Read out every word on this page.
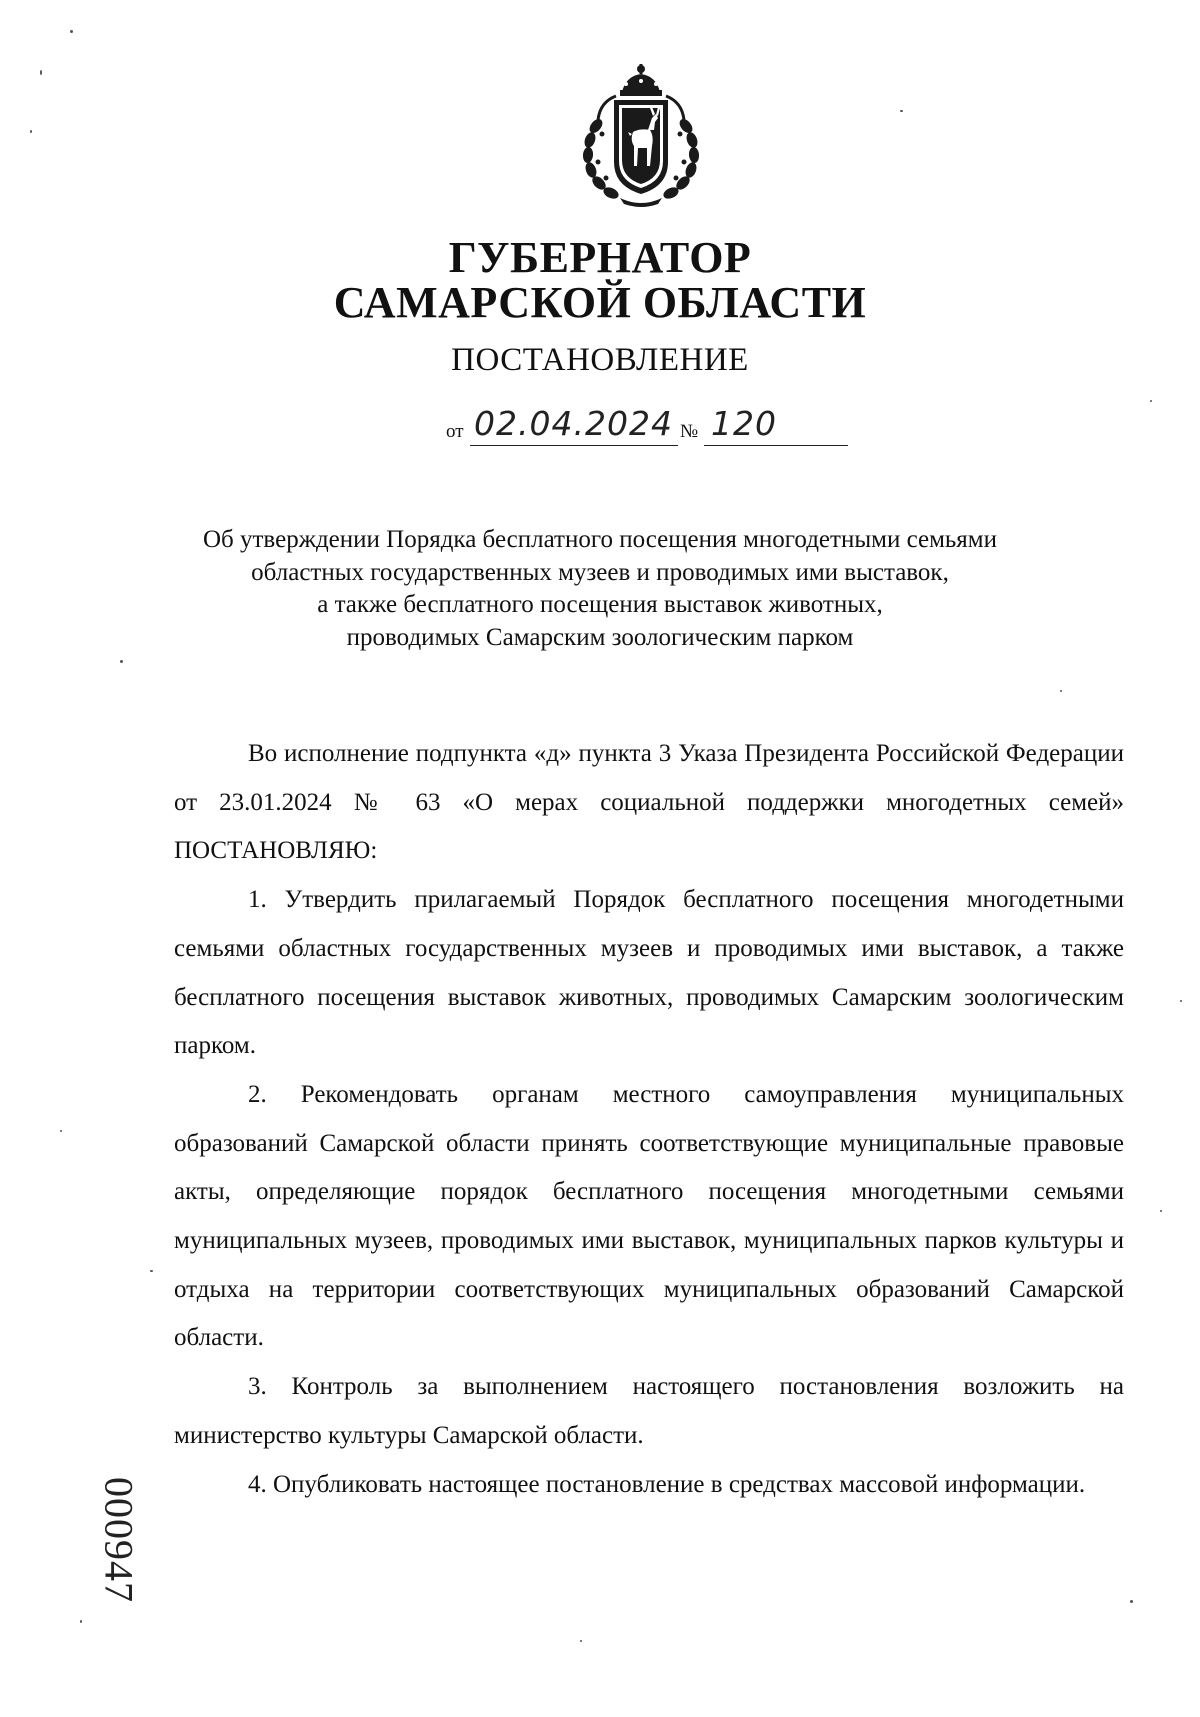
ГУБЕРНАТОР
САМАРСКОЙ ОБЛАСТИ
ПОСТАНОВЛЕНИЕ
от 02.04.2024 № 120
Об утверждении Порядка бесплатного посещения многодетными семьями
областных государственных музеев и проводимых ими выставок,
а также бесплатного посещения выставок животных,
проводимых Самарским зоологическим парком

Во исполнение подпункта «д» пункта 3 Указа Президента Российской Федерации от 23.01.2024 № 63 «О мерах социальной поддержки многодетных семей» ПОСТАНОВЛЯЮ:

1. Утвердить прилагаемый Порядок бесплатного посещения многодетными семьями областных государственных музеев и проводимых ими выставок, а также бесплатного посещения выставок животных, проводимых Самарским зоологическим парком.

2. Рекомендовать органам местного самоуправления муниципальных образований Самарской области принять соответствующие муниципальные правовые акты, определяющие порядок бесплатного посещения многодетными семьями муниципальных музеев, проводимых ими выставок, муниципальных парков культуры и отдыха на территории соответствующих муниципальных образований Самарской области.

3. Контроль за выполнением настоящего постановления возложить на министерство культуры Самарской области.

4. Опубликовать настоящее постановление в средствах массовой информации.

000947
